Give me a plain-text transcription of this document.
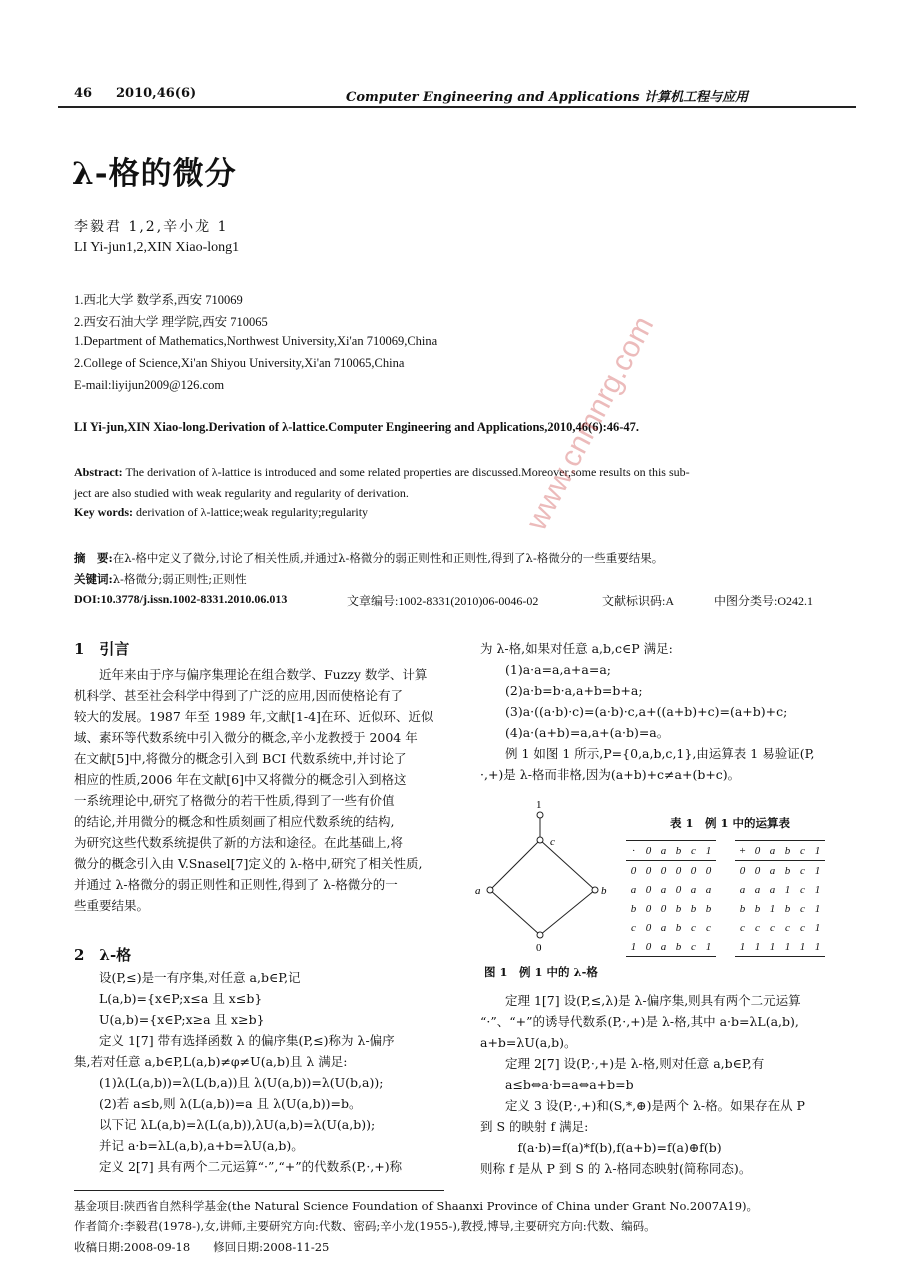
46 2010,46(6)	Computer Engineering and Applications 计算机工程与应用
λ-格的微分
李毅君 1,2,辛小龙 1
LI Yi-jun1,2,XIN Xiao-long1
1.西北大学 数学系,西安 710069
2.西安石油大学 理学院,西安 710065
1.Department of Mathematics,Northwest University,Xi'an 710069,China
2.College of Science,Xi'an Shiyou University,Xi'an 710065,China
E-mail:liyijun2009@126.com
LI Yi-jun,XIN Xiao-long.Derivation of λ-lattice.Computer Engineering and Applications,2010,46(6):46-47.
Abstract: The derivation of λ-lattice is introduced and some related properties are discussed.Moreover,some results on this sub-
ject are also studied with weak regularity and regularity of derivation.
Key words: derivation of λ-lattice;weak regularity;regularity
摘　要:在λ-格中定义了微分,讨论了相关性质,并通过λ-格微分的弱正则性和正则性,得到了λ-格微分的一些重要结果。
关键词:λ-格微分;弱正则性;正则性
DOI:10.3778/j.issn.1002-8331.2010.06.013	文章编号:1002-8331(2010)06-0046-02	文献标识码:A	中图分类号:O242.1
1　引言
　　近年来由于序与偏序集理论在组合数学、Fuzzy 数学、计算
机科学、甚至社会科学中得到了广泛的应用,因而使格论有了
较大的发展。1987 年至 1989 年,文献[1-4]在环、近似环、近似
域、素环等代数系统中引入微分的概念,辛小龙教授于 2004 年
在文献[5]中,将微分的概念引入到 BCI 代数系统中,并讨论了
相应的性质,2006 年在文献[6]中又将微分的概念引入到格这
一系统理论中,研究了格微分的若干性质,得到了一些有价值
的结论,并用微分的概念和性质刻画了相应代数系统的结构,
为研究这些代数系统提供了新的方法和途径。在此基础上,将
微分的概念引入由 V.Snasel[7]定义的 λ-格中,研究了相关性质,
并通过 λ-格微分的弱正则性和正则性,得到了 λ-格微分的一
些重要结果。
2　λ-格
　　设(P,≤)是一有序集,对任意 a,b∈P,记
　　L(a,b)={x∈P;x≤a 且 x≤b}
　　U(a,b)={x∈P;x≥a 且 x≥b}
　　定义 1[7] 带有选择函数 λ 的偏序集(P,≤)称为 λ-偏序
集,若对任意 a,b∈P,L(a,b)≠φ≠U(a,b)且 λ 满足:
　　(1)λ(L(a,b))=λ(L(b,a))且 λ(U(a,b))=λ(U(b,a));
　　(2)若 a≤b,则 λ(L(a,b))=a 且 λ(U(a,b))=b。
　　以下记 λL(a,b)=λ(L(a,b)),λU(a,b)=λ(U(a,b));
　　并记 a·b=λL(a,b),a+b=λU(a,b)。
　　定义 2[7] 具有两个二元运算“·”,“+”的代数系(P,·,+)称
为 λ-格,如果对任意 a,b,c∈P 满足:
　　(1)a·a=a,a+a=a;
　　(2)a·b=b·a,a+b=b+a;
　　(3)a·((a·b)·c)=(a·b)·c,a+((a+b)+c)=(a+b)+c;
　　(4)a·(a+b)=a,a+(a·b)=a。
　　例 1 如图 1 所示,P={0,a,b,c,1},由运算表 1 易验证(P,
·,+)是 λ-格而非格,因为(a+b)+c≠a+(b+c)。
1
c
a	b
0
图 1　例 1 中的 λ-格
表 1　例 1 中的运算表
·	0	a	b	c	1
0	0	0	0	0	0
a	0	a	0	a	a
b	0	0	b	b	b
c	0	a	b	c	c
1	0	a	b	c	1
+	0	a	b	c	1
0	0	a	b	c	1
a	a	a	1	c	1
b	b	1	b	c	1
c	c	c	c	c	1
1	1	1	1	1	1
　　定理 1[7] 设(P,≤,λ)是 λ-偏序集,则具有两个二元运算
“·”、“+”的诱导代数系(P,·,+)是 λ-格,其中 a·b=λL(a,b),
a+b=λU(a,b)。
　　定理 2[7] 设(P,·,+)是 λ-格,则对任意 a,b∈P,有
　　a≤b⇔a·b=a⇔a+b=b
　　定义 3 设(P,·,+)和(S,*,⊕)是两个 λ-格。如果存在从 P
到 S 的映射 f 满足:
　　　f(a·b)=f(a)*f(b),f(a+b)=f(a)⊕f(b)
则称 f 是从 P 到 S 的 λ-格同态映射(简称同态)。
基金项目:陕西省自然科学基金(the Natural Science Foundation of Shaanxi Province of China under Grant No.2007A19)。
作者简介:李毅君(1978-),女,讲师,主要研究方向:代数、密码;辛小龙(1955-),教授,博导,主要研究方向:代数、编码。
收稿日期:2008-09-18　　修回日期:2008-11-25
www.cnmnrg.com
